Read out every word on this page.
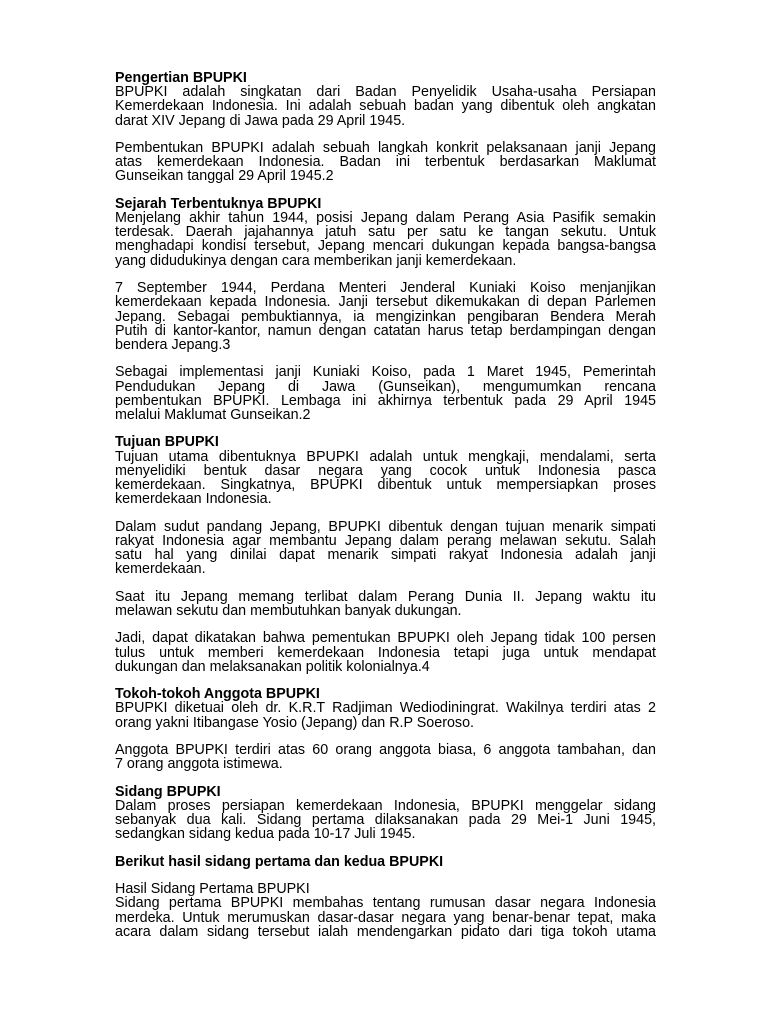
Pengertian BPUPKI
BPUPKI adalah singkatan dari Badan Penyelidik Usaha-usaha Persiapan
Kemerdekaan Indonesia. Ini adalah sebuah badan yang dibentuk oleh angkatan
darat XIV Jepang di Jawa pada 29 April 1945.
Pembentukan BPUPKI adalah sebuah langkah konkrit pelaksanaan janji Jepang
atas kemerdekaan Indonesia. Badan ini terbentuk berdasarkan Maklumat
Gunseikan tanggal 29 April 1945.2
Sejarah Terbentuknya BPUPKI
Menjelang akhir tahun 1944, posisi Jepang dalam Perang Asia Pasifik semakin
terdesak. Daerah jajahannya jatuh satu per satu ke tangan sekutu. Untuk
menghadapi kondisi tersebut, Jepang mencari dukungan kepada bangsa-bangsa
yang didudukinya dengan cara memberikan janji kemerdekaan.
7 September 1944, Perdana Menteri Jenderal Kuniaki Koiso menjanjikan
kemerdekaan kepada Indonesia. Janji tersebut dikemukakan di depan Parlemen
Jepang. Sebagai pembuktiannya, ia mengizinkan pengibaran Bendera Merah
Putih di kantor-kantor, namun dengan catatan harus tetap berdampingan dengan
bendera Jepang.3
Sebagai implementasi janji Kuniaki Koiso, pada 1 Maret 1945, Pemerintah
Pendudukan Jepang di Jawa (Gunseikan), mengumumkan rencana
pembentukan BPUPKI. Lembaga ini akhirnya terbentuk pada 29 April 1945
melalui Maklumat Gunseikan.2
Tujuan BPUPKI
Tujuan utama dibentuknya BPUPKI adalah untuk mengkaji, mendalami, serta
menyelidiki bentuk dasar negara yang cocok untuk Indonesia pasca
kemerdekaan. Singkatnya, BPUPKI dibentuk untuk mempersiapkan proses
kemerdekaan Indonesia.
Dalam sudut pandang Jepang, BPUPKI dibentuk dengan tujuan menarik simpati
rakyat Indonesia agar membantu Jepang dalam perang melawan sekutu. Salah
satu hal yang dinilai dapat menarik simpati rakyat Indonesia adalah janji
kemerdekaan.
Saat itu Jepang memang terlibat dalam Perang Dunia II. Jepang waktu itu
melawan sekutu dan membutuhkan banyak dukungan.
Jadi, dapat dikatakan bahwa pementukan BPUPKI oleh Jepang tidak 100 persen
tulus untuk memberi kemerdekaan Indonesia tetapi juga untuk mendapat
dukungan dan melaksanakan politik kolonialnya.4
Tokoh-tokoh Anggota BPUPKI
BPUPKI diketuai oleh dr. K.R.T Radjiman Wediodiningrat. Wakilnya terdiri atas 2
orang yakni Itibangase Yosio (Jepang) dan R.P Soeroso.
Anggota BPUPKI terdiri atas 60 orang anggota biasa, 6 anggota tambahan, dan
7 orang anggota istimewa.
Sidang BPUPKI
Dalam proses persiapan kemerdekaan Indonesia, BPUPKI menggelar sidang
sebanyak dua kali. Sidang pertama dilaksanakan pada 29 Mei-1 Juni 1945,
sedangkan sidang kedua pada 10-17 Juli 1945.
Berikut hasil sidang pertama dan kedua BPUPKI
Hasil Sidang Pertama BPUPKI
Sidang pertama BPUPKI membahas tentang rumusan dasar negara Indonesia
merdeka. Untuk merumuskan dasar-dasar negara yang benar-benar tepat, maka
acara dalam sidang tersebut ialah mendengarkan pidato dari tiga tokoh utama
